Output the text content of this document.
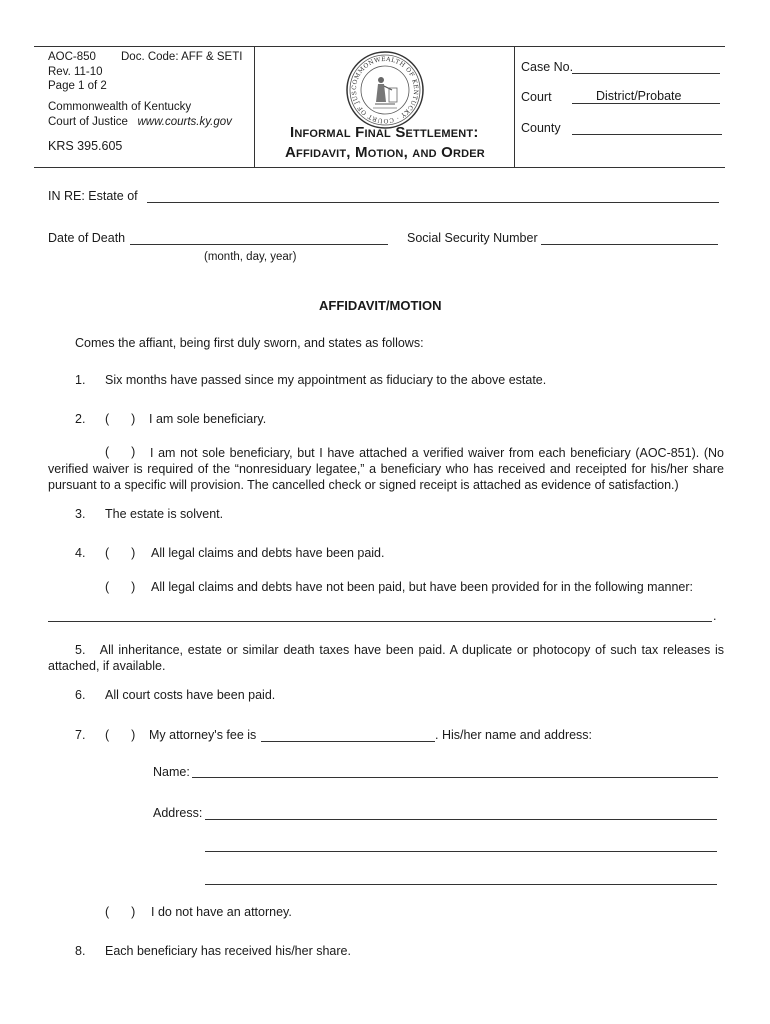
AOC-850 Doc. Code: AFF & SETI
Rev. 11-10
Page 1 of 2
Commonwealth of Kentucky
Court of Justice www.courts.ky.gov
KRS 395.605
COMMONWEALTH OF KENTUCKY · COURT OF JUS
Informal Final Settlement:
Affidavit, Motion, and Order
Case No.
Court	District/Probate
County
IN RE: Estate of
Date of Death
(month, day, year)
Social Security Number
AFFIDAVIT/MOTION
Comes the affiant, being first duly sworn, and states as follows:
1. Six months have passed since my appointment as fiduciary to the above estate.
2. ( ) I am sole beneficiary.
( )	I am not sole beneficiary, but I have attached a verified waiver from each beneficiary (AOC-851). (No verified waiver is required of the “nonresiduary legatee,” a beneficiary who has received and receipted for his/her share pursuant to a specific will provision. The cancelled check or signed receipt is attached as evidence of satisfaction.)
3. The estate is solvent.
4. ( ) All legal claims and debts have been paid.
( ) All legal claims and debts have not been paid, but have been provided for in the following manner:
.
5. All inheritance, estate or similar death taxes have been paid. A duplicate or photocopy of such tax releases is attached, if available.
6. All court costs have been paid.
7. ( ) My attorney's fee is	. His/her name and address:
Name:
Address:
( ) I do not have an attorney.
8. Each beneficiary has received his/her share.
